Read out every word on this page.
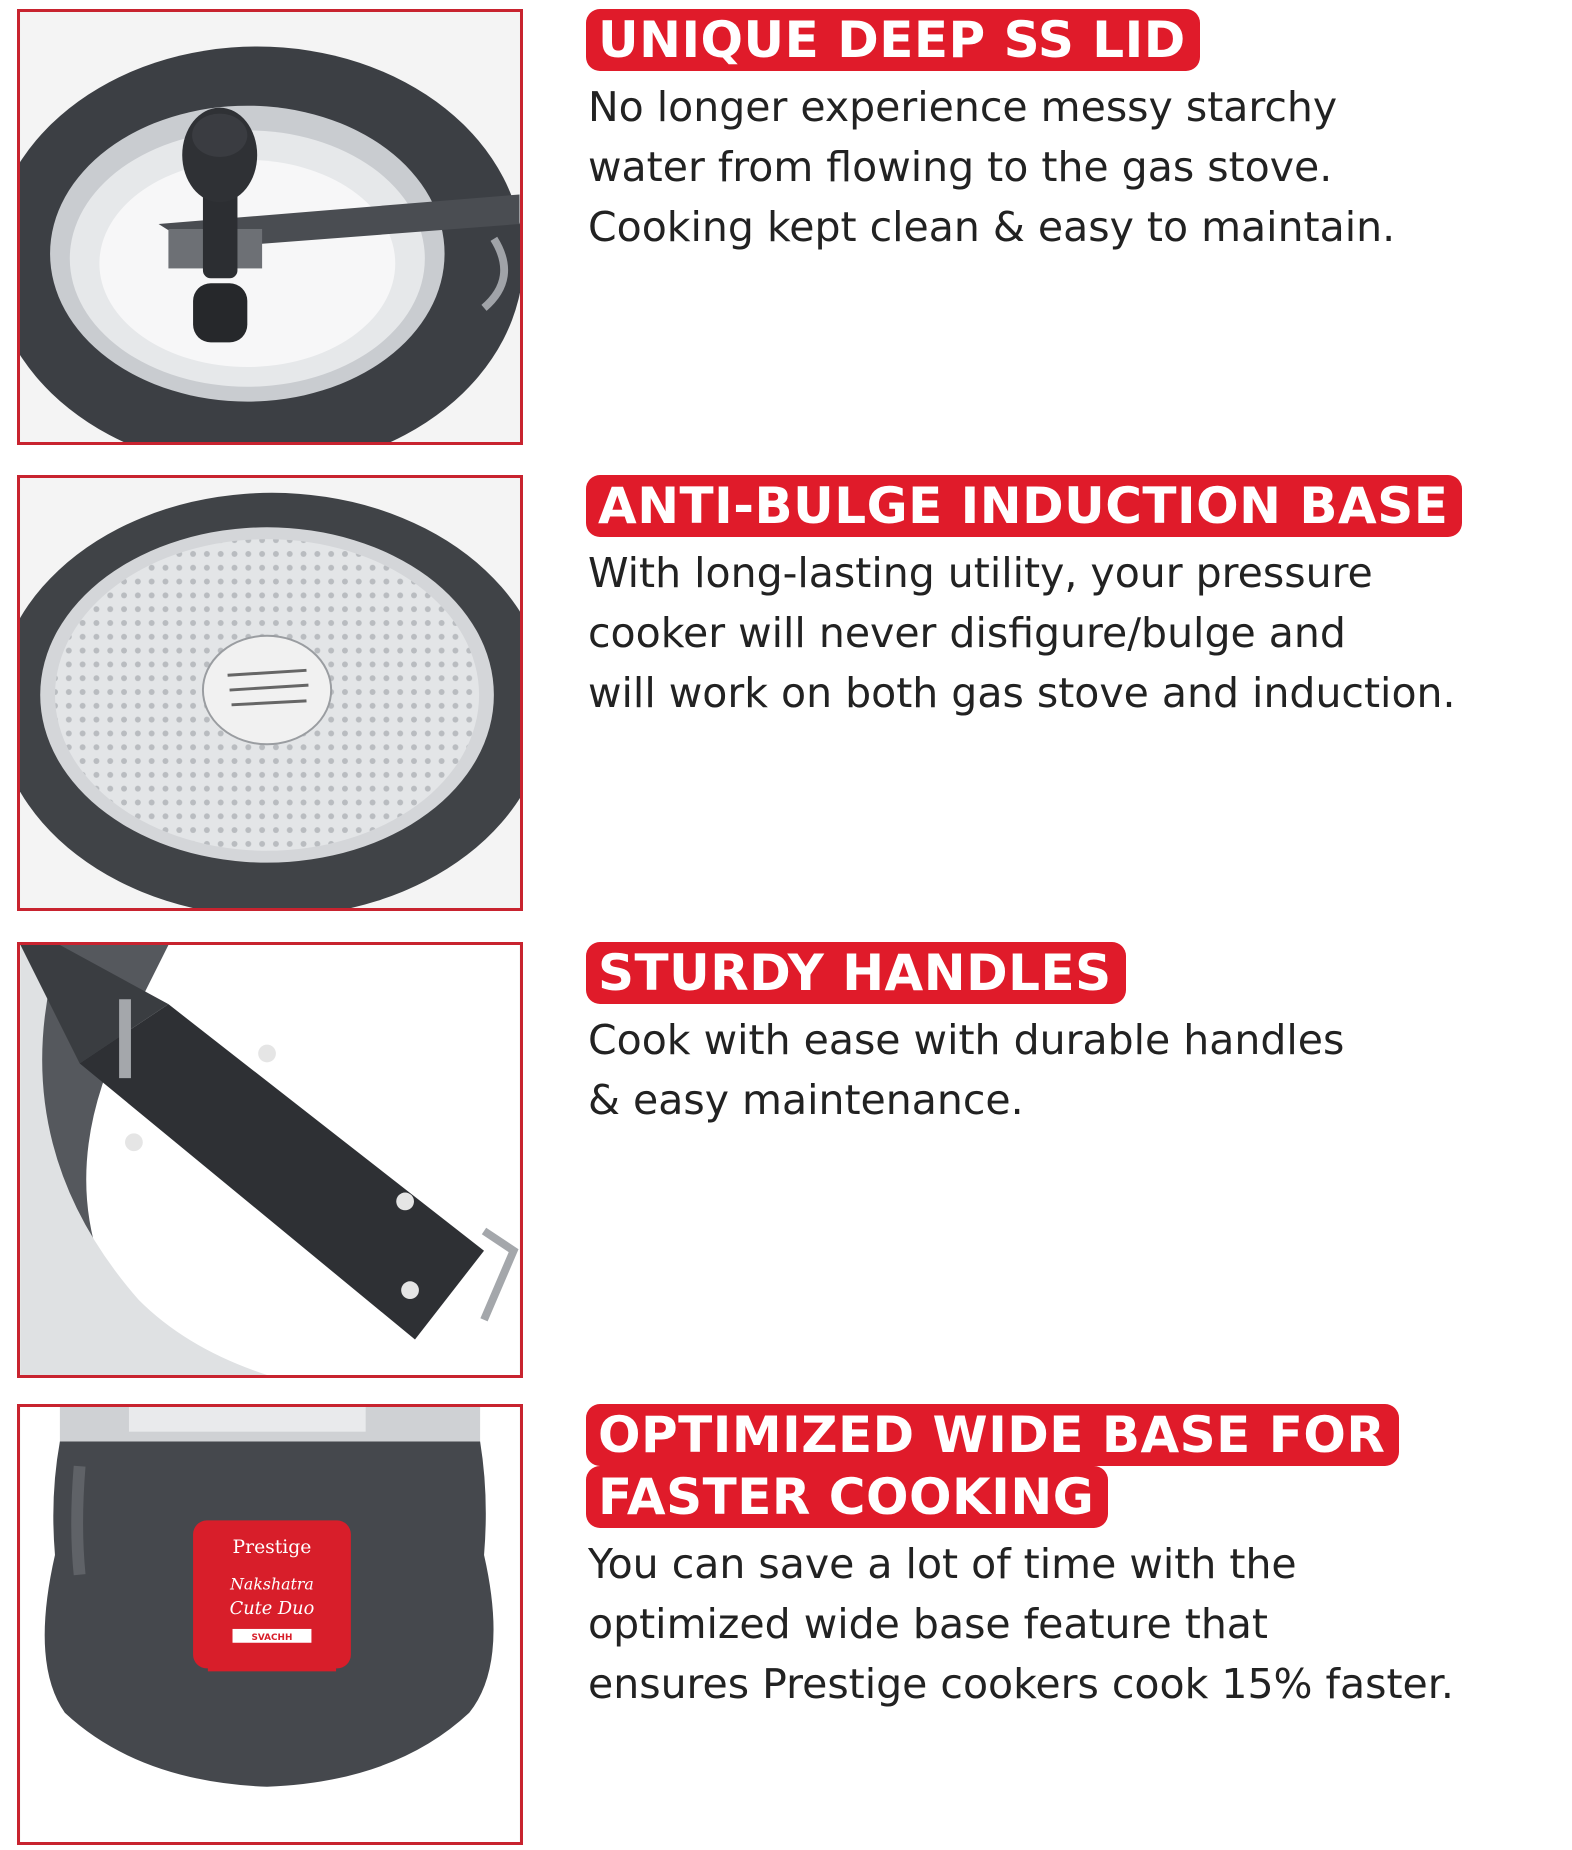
UNIQUE DEEP SS LID
No longer experience messy starchy
water from flowing to the gas stove.
Cooking kept clean & easy to maintain.
ANTI-BULGE INDUCTION BASE
With long-lasting utility, your pressure
cooker will never disfigure/bulge and
will work on both gas stove and induction.
STURDY HANDLES
Cook with ease with durable handles
& easy maintenance.
Prestige
Nakshatra
Cute Duo
SVACHH
OPTIMIZED WIDE BASE FOR
FASTER COOKING
You can save a lot of time with the
optimized wide base feature that
ensures Prestige cookers cook 15% faster.
